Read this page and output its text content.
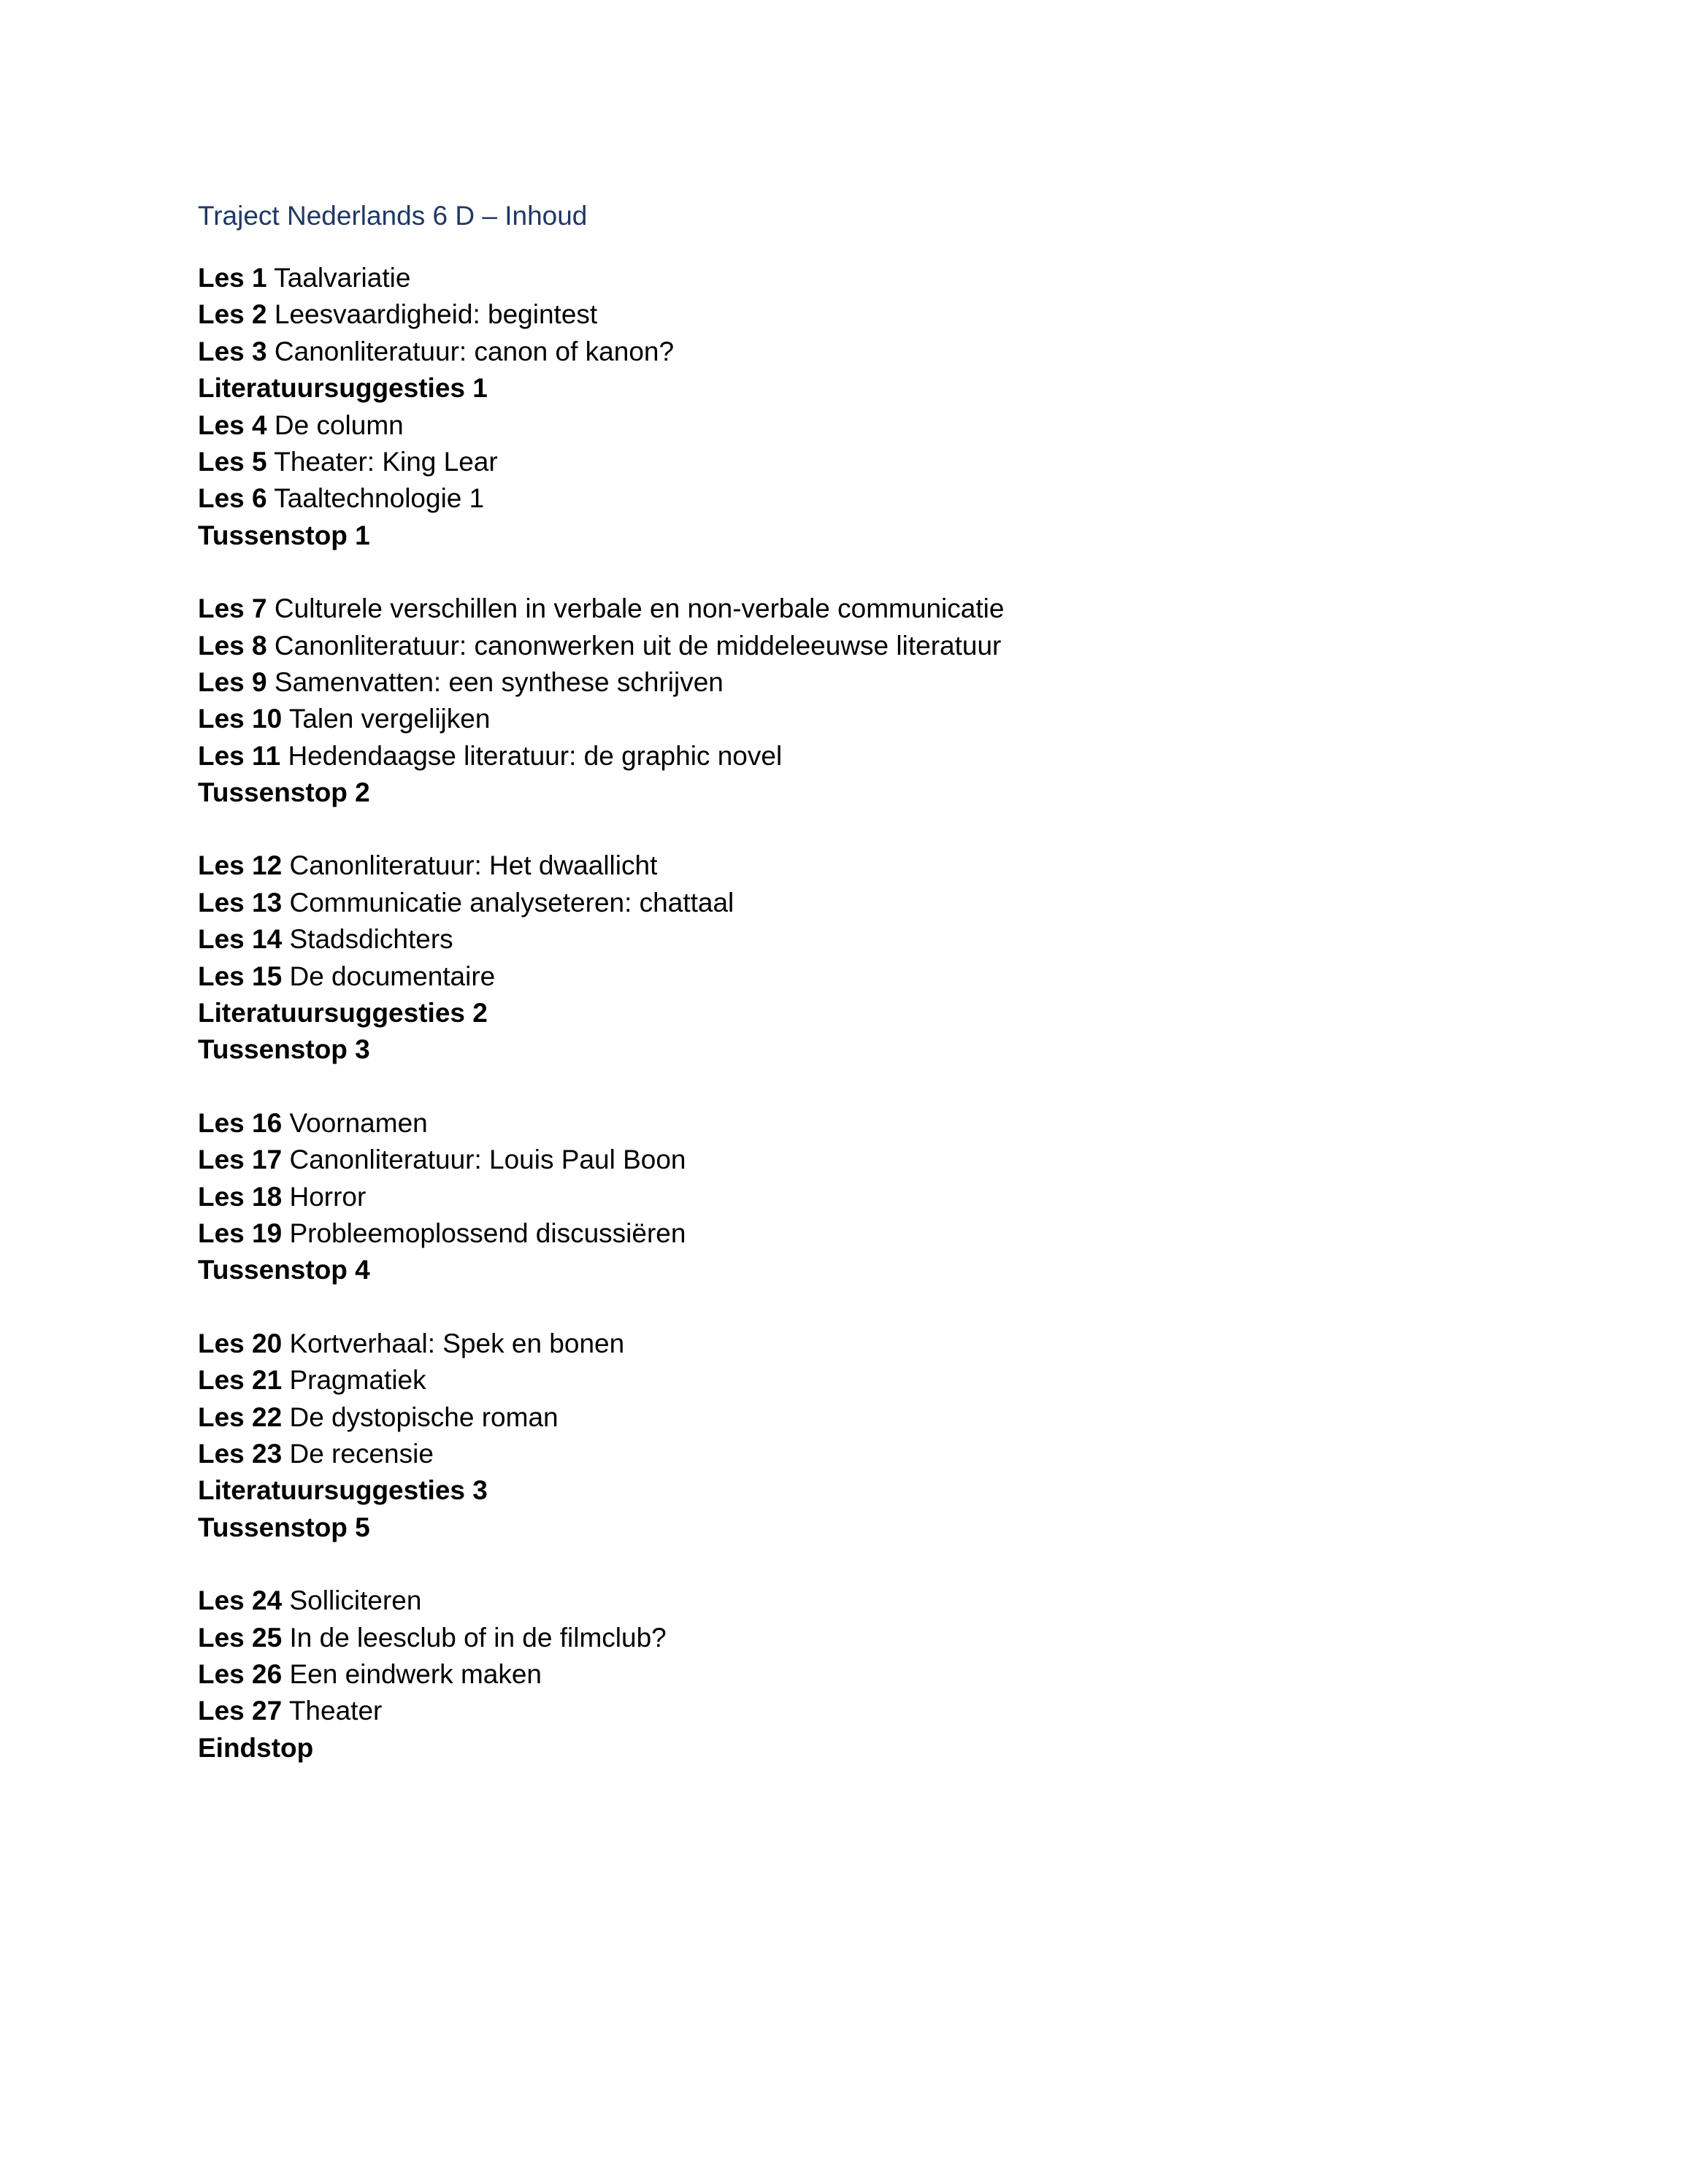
Traject Nederlands 6 D – Inhoud
Les 1 Taalvariatie
Les 2 Leesvaardigheid: begintest
Les 3 Canonliteratuur: canon of kanon?
Literatuursuggesties 1
Les 4 De column
Les 5 Theater: King Lear
Les 6 Taaltechnologie 1
Tussenstop 1
Les 7 Culturele verschillen in verbale en non-verbale communicatie
Les 8 Canonliteratuur: canonwerken uit de middeleeuwse literatuur
Les 9 Samenvatten: een synthese schrijven
Les 10 Talen vergelijken
Les 11 Hedendaagse literatuur: de graphic novel
Tussenstop 2
Les 12 Canonliteratuur: Het dwaallicht
Les 13 Communicatie analyseteren: chattaal
Les 14 Stadsdichters
Les 15 De documentaire
Literatuursuggesties 2
Tussenstop 3
Les 16 Voornamen
Les 17 Canonliteratuur: Louis Paul Boon
Les 18 Horror
Les 19 Probleemoplossend discussiëren
Tussenstop 4
Les 20 Kortverhaal: Spek en bonen
Les 21 Pragmatiek
Les 22 De dystopische roman
Les 23 De recensie
Literatuursuggesties 3
Tussenstop 5
Les 24 Solliciteren
Les 25 In de leesclub of in de filmclub?
Les 26 Een eindwerk maken
Les 27 Theater
Eindstop
